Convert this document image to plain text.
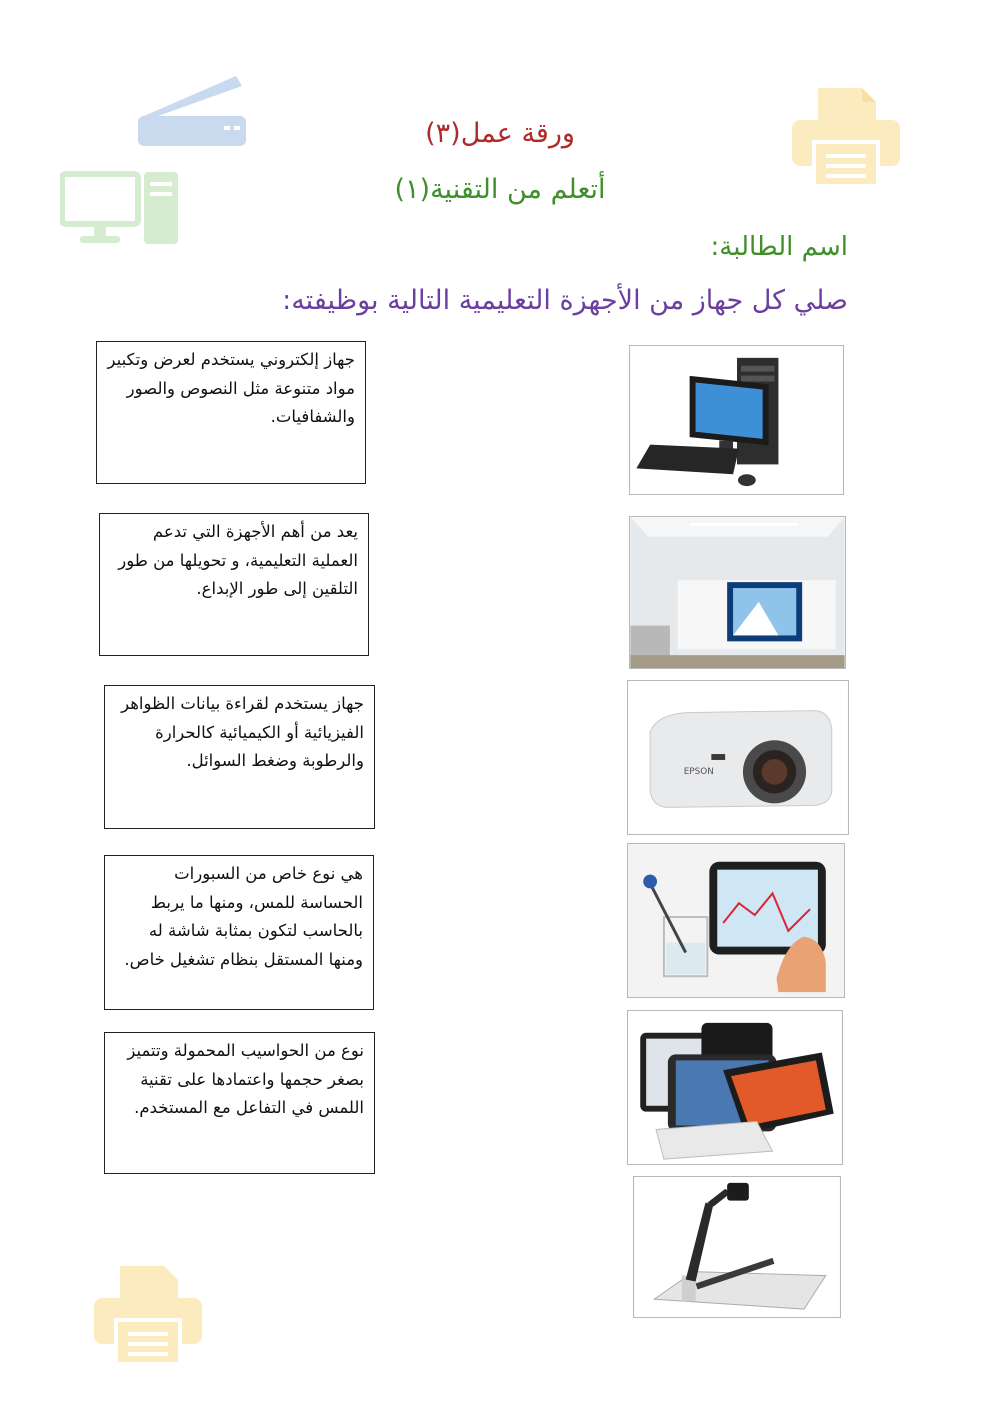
ورقة عمل(٣)
أتعلم من التقنية(١)
اسم الطالبة:
صلي كل جهاز من الأجهزة التعليمية التالية بوظيفته:
جهاز إلكتروني يستخدم لعرض وتكبير مواد متنوعة مثل النصوص والصور والشفافيات.
يعد من أهم الأجهزة التي تدعم العملية التعليمية، و تحويلها من طور التلقين إلى طور الإبداع.
جهاز يستخدم لقراءة بيانات الظواهر الفيزيائية أو الكيميائية كالحرارة والرطوبة وضغط السوائل.
هي نوع خاص من السبورات الحساسة للمس، ومنها ما يربط بالحاسب لتكون بمثابة شاشة له ومنها المستقل بنظام تشغيل خاص.
نوع من الحواسيب المحمولة وتتميز بصغر حجمها واعتمادها على تقنية اللمس في التفاعل مع المستخدم.
EPSON
